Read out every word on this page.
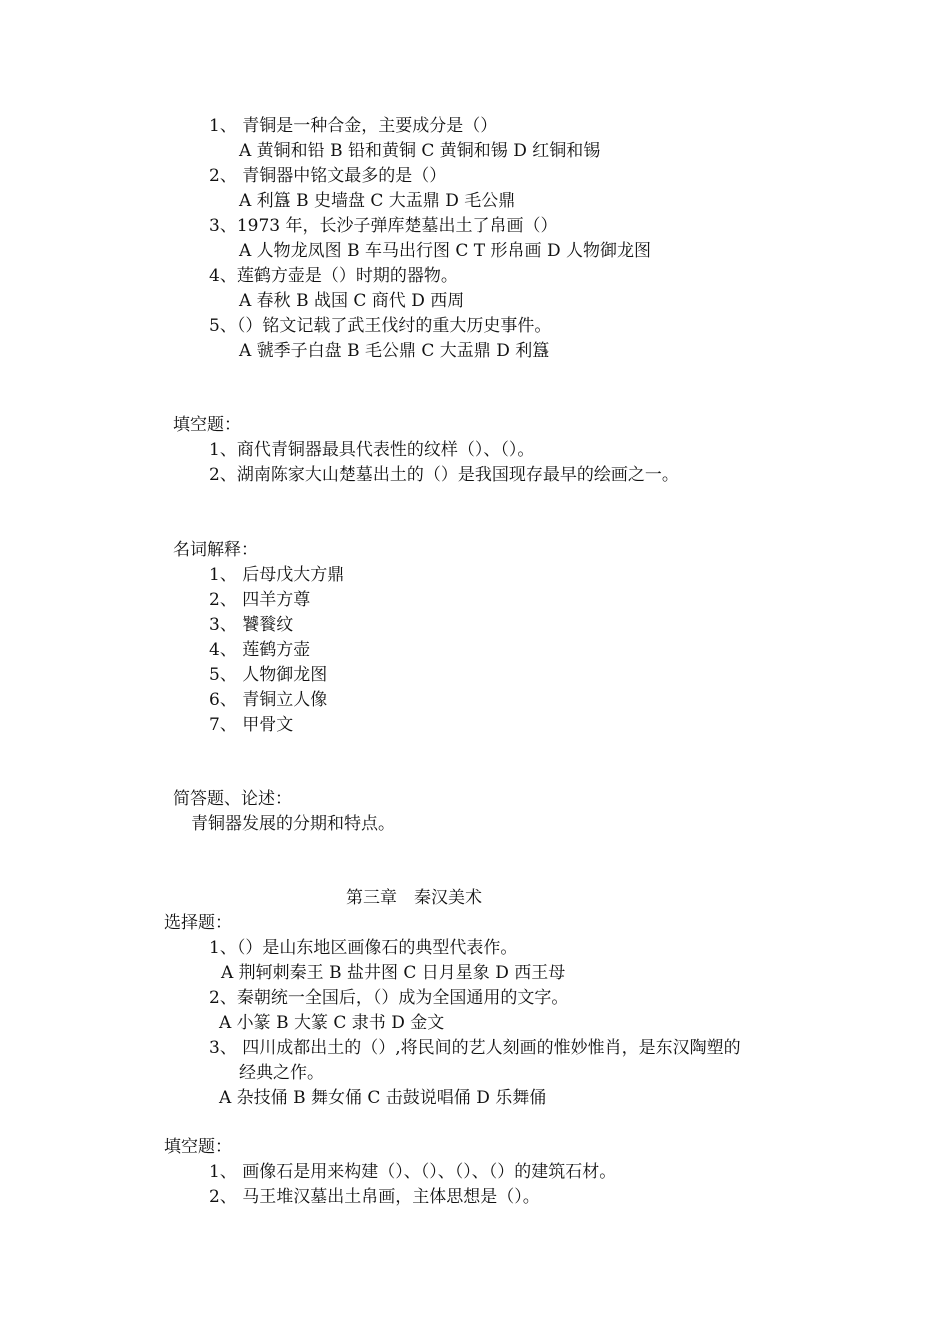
1、 青铜是一种合金，主要成分是（）
A 黄铜和铅 B 铅和黄铜 C 黄铜和锡 D 红铜和锡
2、 青铜器中铭文最多的是（）
A 利簋 B 史墙盘 C 大盂鼎 D 毛公鼎
3、1973 年，长沙子弹库楚墓出土了帛画（）
A 人物龙凤图 B 车马出行图 C T 形帛画 D 人物御龙图
4、莲鹤方壶是（）时期的器物。
A 春秋 B 战国 C 商代 D 西周
5、（）铭文记载了武王伐纣的重大历史事件。
A 虢季子白盘 B 毛公鼎 C 大盂鼎 D 利簋
填空题：
1、商代青铜器最具代表性的纹样（）、（）。
2、湖南陈家大山楚墓出土的（）是我国现存最早的绘画之一。
名词解释：
1、 后母戊大方鼎
2、 四羊方尊
3、 饕餮纹
4、 莲鹤方壶
5、 人物御龙图
6、 青铜立人像
7、 甲骨文
简答题、论述：
青铜器发展的分期和特点。
第三章　秦汉美术
选择题：
1、（）是山东地区画像石的典型代表作。
A 荆轲刺秦王 B 盐井图 C 日月星象 D 西王母
2、秦朝统一全国后，（）成为全国通用的文字。
A 小篆 B 大篆 C 隶书 D 金文
3、 四川成都出土的（）,将民间的艺人刻画的惟妙惟肖，是东汉陶塑的
经典之作。
A 杂技俑 B 舞女俑 C 击鼓说唱俑 D 乐舞俑
填空题：
1、 画像石是用来构建（）、（）、（）、（）的建筑石材。
2、 马王堆汉墓出土帛画，主体思想是（）。
